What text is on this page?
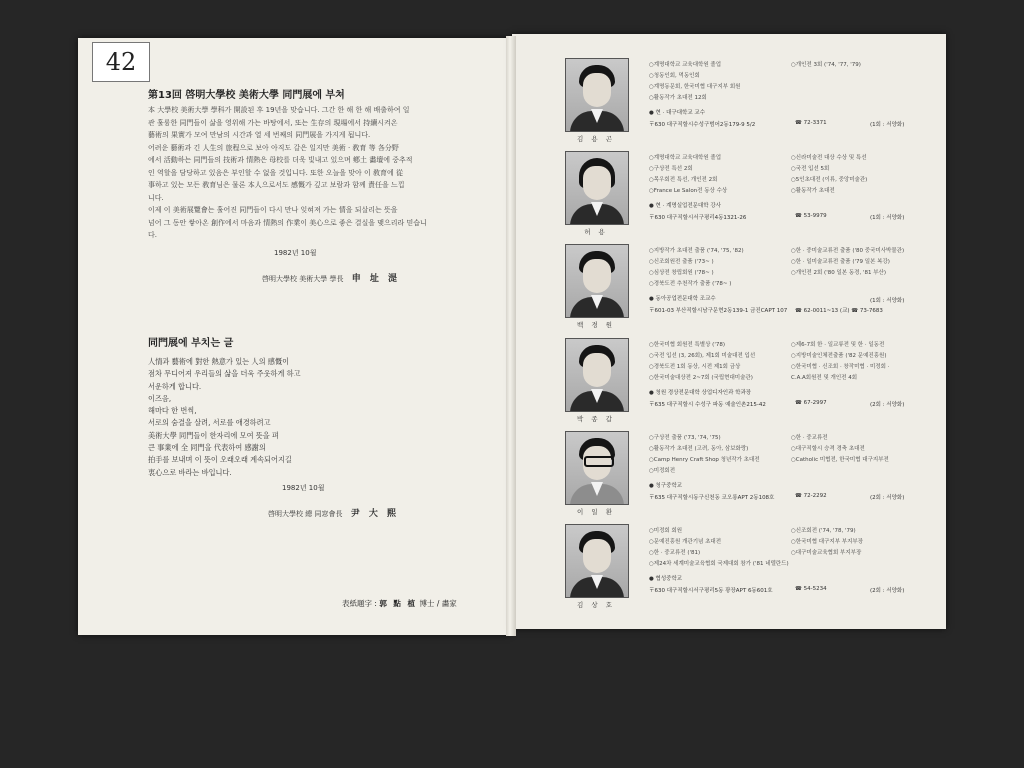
42
第13回 啓明大學校 美術大學 同門展에 부쳐
本 大學校 美術大學 學科가 開設된 후 19년을 맞습니다. 그간 한 해 한 해 배출하여 일
관 훌륭한 同門들이 삶을 영위해 가는 바탕에서, 또는 生存의 現場에서 持續시켜온
藝術의 果實가 모여 만남의 시간과 열 세 번째의 同門展을 가지게 됩니다.
어려운 藝術과 긴 人生의 旅程으로 보아 아직도 갈은 일지만 美術 · 敎育 等 各分野
에서 活動하는 同門들의 技術과 情熱은 母校를 더욱 빛내고 있으며 鄕土 畵壇에 중추적
인 역할을 담당하고 있음은 부인할 수 없을 것입니다. 또한 오늘을 맞아 이 敎育에 從
事하고 있는 모든 敎育님은 물론 本人으로서도 感慨가 깊고 보람과 함께 責任을 느낍
니다.
이제 이 美術展覽會는 훌어진 同門들이 다시 만나 잊혀져 가는 情을 되살리는 뜻을
넘어 그 동안 쌓아온 創作에서 마음과 情熱의 作業이 美心으로 좋은 결실을 맺으리라 믿습니
다.
1982년 10월
啓明大學校 美術大學 學長 申 址 湜
同門展에 부치는 글
人情과 藝術에 對한 熱意가 있는 人의 感慨이
점차 무디어져 우리들의 삶을 더욱 주웃하게 하고
서운하게 합니다.
이즈음,
해마다 한 번씩,
서로의 숨결을 살려, 서로를 애경하려고
美術大學 同門들이 한자리에 모여 뜻을 펴
큰 事業에 全 同門을 代表하여 感謝의
拍手를 보내며 이 뜻이 오래오래 계속되어지길
衷心으로 바라는 바입니다.
1982년 10월
啓明大學校 總 同窓會長 尹 大 熙
表紙題字 : 郭 點 植 博士 / 畵家
김 용 곤
○계명대학교 교육대학원 졸업
○청동인회, 먹동인회
○계명동문회, 한국미협 대구지부 회원
○활동작가 초대전 12회
○개인전 3회 ('74, '77, '79)
● 현 · 대구대학교 교수
〒630 대구직할시수성구범어2동179-9 5/2	☎ 72-3371	(1회 : 서양화)
허 용
○계명대학교 교육대학원 졸업
○구상전 특선 2회
○목우회전 특선, 개인전 2회
○France Le Salon전 동상 수상
○신라미술전 대상 수상 및 특선
○국전 입선 5회
○5인초대전 (이류, 중앙미술관)
○활동작가 초대전
● 현 · 계명실업전문대학 강사
〒630 대구직할시서구평리4동1321-26	☎ 53-9979	(1회 : 서양화)
백 경 원
○지방작가 초대전 출품 ('74, '75, '82)
○신조회원전 출품 ('73~ )
○심상전 창립회원 ('78~ )
○경북도전 추천작가 출품 ('78~ )
○한 · 중미술교류전 출품 ('80 중국미사박물관)
○한 · 일미술교류전 출품 ('79 일본 복강)
○개인전 2회 ('80 일본 동경, '81 부산)
● 동아공업전문대학 조교수
〒601-03 부산직할시남구문현2동139-1 금진CAPT 107 ☎ 62-0011~13 (교) ☎ 73-7683
(1회 : 서양화)
박 종 갑
○한국미협 회원전 특별상 ('78)
○국전 입선 (3, 26회), 제1회 미술대전 입선
○경북도전 1회 동상, 시전 제1회 금상
○한국미술대상전 2~7회 (국립현대미술관)
○제6-7회 한 · 일교류전 및 한 · 일동전
○지방미술인체전출품 ('82 문예진흥원)
○한국미협 · 신조회 · 창작미협 · 미정회 ·
C.A.A회원전 및 개인전 4회
● 청원 경상전문대학 상업디자인과 학과장
〒635 대구직할시 수성구 파동 예술인촌215-42	☎ 67-2997	(2회 : 서양화)
이 일 환
○구상전 출품 ('73, '74, '75)
○활동작가 초대전 (고려, 동아, 삼보화랑)
○Camp Henry Craft Shop 청년작가 초대전
○미정회전
○한 · 중교류전
○대구직할시 승격 경축 초대전
○Catholic 미협전, 한국미협 대구지부전
● 청구중학교
〒635 대구직할시동구신천동 코오롱APT 2동108호	☎ 72-2292	(2회 : 서양화)
김 상 호
○미정회 회원
○문예진흥원 개관기념 초대전
○한 · 중교류전 ('81)
○제24차 세계미술교육협회 국제대회 참가 ('81 네델란드)
○신조회전 ('74, '78, '79)
○한국미협 대구지부 부지부장
○대구미술교육협회 부지부장
● 협성중학교
〒630 대구직할시서구평리5동 광장APT 6동601호	☎ 54-5234	(2회 : 서양화)
